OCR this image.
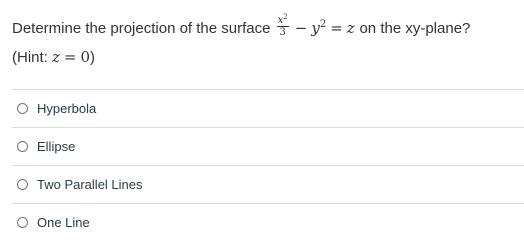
Determine the projection of the surface $\frac{x^2}{3} - y^2 = z$ on the xy-plane?
(Hint: z = 0)
Hyperbola
Ellipse
Two Parallel Lines
One Line
